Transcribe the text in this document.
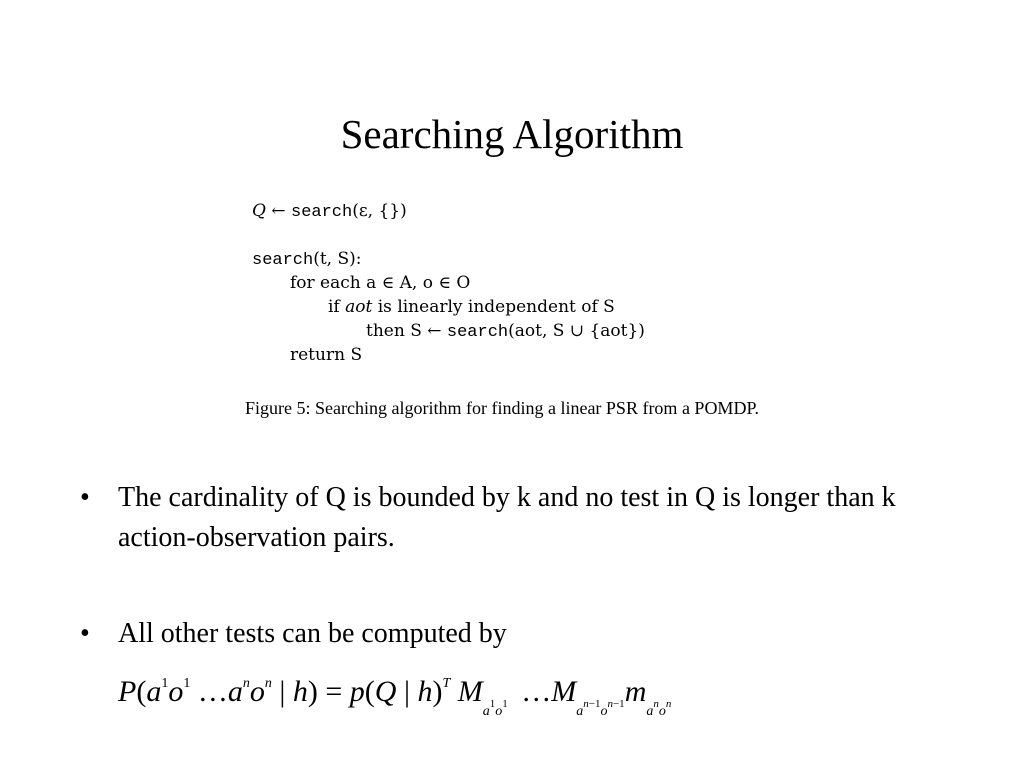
Searching Algorithm
Q ← search(ε, {})
search(t, S):
for each a ∈ A, o ∈ O
if aot is linearly independent of S
then S ← search(aot, S ∪ {aot})
return S
Figure 5: Searching algorithm for finding a linear PSR from a POMDP.
• The cardinality of Q is bounded by k and no test in Q is longer than k action-observation pairs.
• All other tests can be computed by
$P(a^1o^1$ $\dots a^no^n$ | h) = p(Q | h)$^T$ $M_{a^1o^1}$ $\dots M_{a^{n-1}o^{n-1}}m_{a^no^n}$
